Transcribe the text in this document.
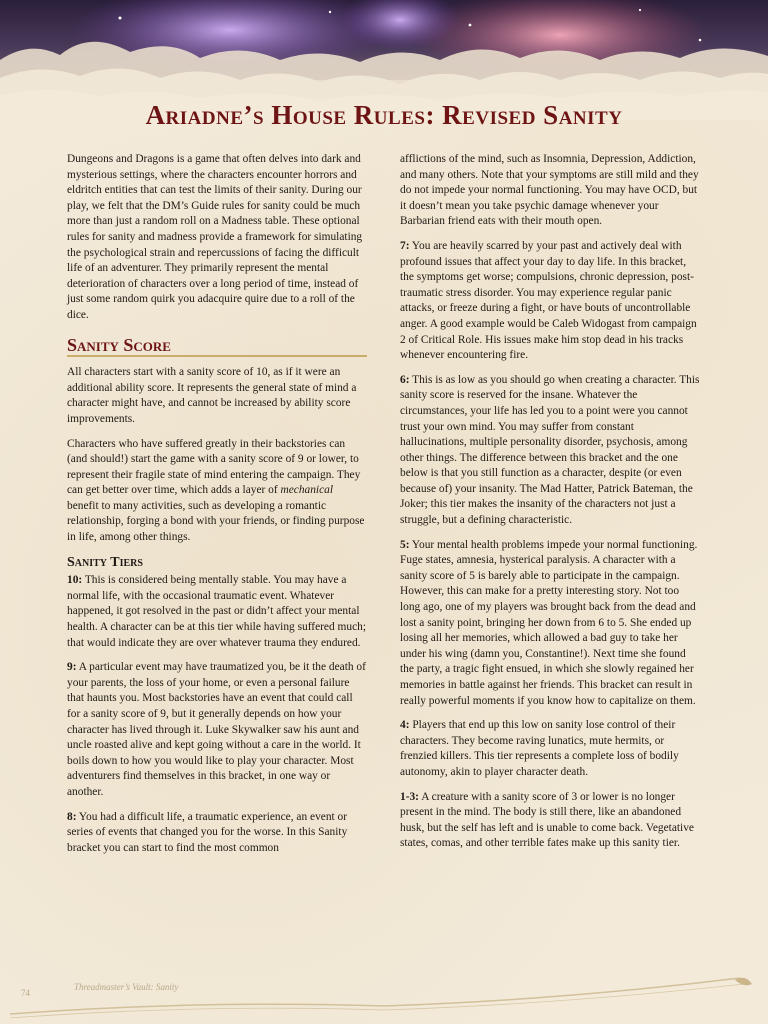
Ariadne’s House Rules: Revised Sanity

Dungeons and Dragons is a game that often delves into dark and mysterious settings, where the characters encounter horrors and eldritch entities that can test the limits of their sanity. During our play, we felt that the DM’s Guide rules for sanity could be much more than just a random roll on a Madness table. These optional rules for sanity and madness provide a framework for simulating the psychological strain and repercussions of facing the difficult life of an adventurer. They primarily represent the mental deterioration of characters over a long period of time, instead of just some random quirk you adacquire quire due to a roll of the dice.

Sanity Score

All characters start with a sanity score of 10, as if it were an additional ability score. It represents the general state of mind a character might have, and cannot be increased by ability score improvements.

Characters who have suffered greatly in their backstories can (and should!) start the game with a sanity score of 9 or lower, to represent their fragile state of mind entering the campaign. They can get better over time, which adds a layer of mechanical benefit to many activities, such as developing a romantic relationship, forging a bond with your friends, or finding purpose in life, among other things.

Sanity Tiers

10: This is considered being mentally stable. You may have a normal life, with the occasional traumatic event. Whatever happened, it got resolved in the past or didn’t affect your mental health. A character can be at this tier while having suffered much; that would indicate they are over whatever trauma they endured.

9: A particular event may have traumatized you, be it the death of your parents, the loss of your home, or even a personal failure that haunts you. Most backstories have an event that could call for a sanity score of 9, but it generally depends on how your character has lived through it. Luke Skywalker saw his aunt and uncle roasted alive and kept going without a care in the world. It boils down to how you would like to play your character. Most adventurers find themselves in this bracket, in one way or another.

8: You had a difficult life, a traumatic experience, an event or series of events that changed you for the worse. In this Sanity bracket you can start to find the most common

afflictions of the mind, such as Insomnia, Depression, Addiction, and many others. Note that your symptoms are still mild and they do not impede your normal functioning. You may have OCD, but it doesn’t mean you take psychic damage whenever your Barbarian friend eats with their mouth open.

7: You are heavily scarred by your past and actively deal with profound issues that affect your day to day life. In this bracket, the symptoms get worse; compulsions, chronic depression, post-traumatic stress disorder. You may experience regular panic attacks, or freeze during a fight, or have bouts of uncontrollable anger. A good example would be Caleb Widogast from campaign 2 of Critical Role. His issues make him stop dead in his tracks whenever encountering fire.

6: This is as low as you should go when creating a character. This sanity score is reserved for the insane. Whatever the circumstances, your life has led you to a point were you cannot trust your own mind. You may suffer from constant hallucinations, multiple personality disorder, psychosis, among other things. The difference between this bracket and the one below is that you still function as a character, despite (or even because of) your insanity. The Mad Hatter, Patrick Bateman, the Joker; this tier makes the insanity of the characters not just a struggle, but a defining characteristic.

5: Your mental health problems impede your normal functioning. Fuge states, amnesia, hysterical paralysis. A character with a sanity score of 5 is barely able to participate in the campaign. However, this can make for a pretty interesting story. Not too long ago, one of my players was brought back from the dead and lost a sanity point, bringing her down from 6 to 5. She ended up losing all her memories, which allowed a bad guy to take her under his wing (damn you, Constantine!). Next time she found the party, a tragic fight ensued, in which she slowly regained her memories in battle against her friends. This bracket can result in really powerful moments if you know how to capitalize on them.

4: Players that end up this low on sanity lose control of their characters. They become raving lunatics, mute hermits, or frenzied killers. This tier represents a complete loss of bodily autonomy, akin to player character death.

1-3: A creature with a sanity score of 3 or lower is no longer present in the mind. The body is still there, like an abandoned husk, but the self has left and is unable to come back. Vegetative states, comas, and other terrible fates make up this sanity tier.

74
Threadmaster’s Vault: Sanity
